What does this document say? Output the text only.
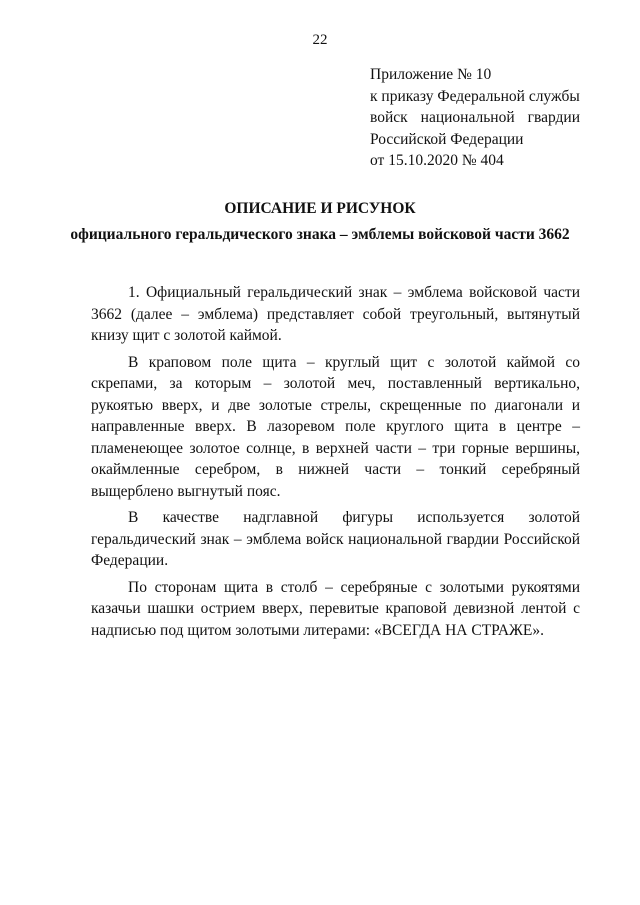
22
Приложение № 10
к приказу Федеральной службы
войск национальной гвардии
Российской Федерации
от 15.10.2020 № 404
ОПИСАНИЕ И РИСУНОК
официального геральдического знака – эмблемы войсковой части 3662

1. Официальный геральдический знак – эмблема войсковой части 3662 (далее – эмблема) представляет собой треугольный, вытянутый книзу щит с золотой каймой.

В краповом поле щита – круглый щит с золотой каймой со скрепами, за которым – золотой меч, поставленный вертикально, рукоятью вверх, и две золотые стрелы, скрещенные по диагонали и направленные вверх. В лазоревом поле круглого щита в центре – пламенеющее золотое солнце, в верхней части – три горные вершины, окаймленные серебром, в нижней части – тонкий серебряный выщерблено выгнутый пояс.

В качестве надглавной фигуры используется золотой геральдический знак – эмблема войск национальной гвардии Российской Федерации.

По сторонам щита в столб – серебряные с золотыми рукоятями казачьи шашки острием вверх, перевитые краповой девизной лентой с надписью под щитом золотыми литерами: «ВСЕГДА НА СТРАЖЕ».
